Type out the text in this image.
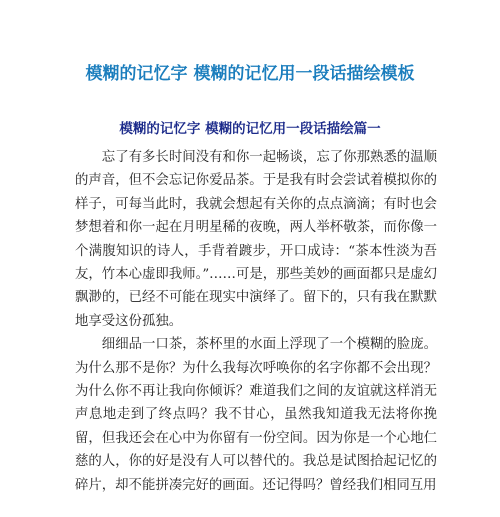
模糊的记忆字 模糊的记忆用一段话描绘模板
模糊的记忆字 模糊的记忆用一段话描绘篇一

忘了有多长时间没有和你一起畅谈，忘了你那熟悉的温顺的声音，但不会忘记你爱品茶。于是我有时会尝试着模拟你的样子，可每当此时，我就会想起有关你的点点滴滴；有时也会梦想着和你一起在月明星稀的夜晚，两人举杯敬茶，而你像一个满腹知识的诗人，手背着踱步，开口成诗：“茶本性淡为吾友，竹本心虚即我师。”……可是，那些美妙的画面都只是虚幻飘渺的，已经不可能在现实中演绎了。留下的，只有我在默默地享受这份孤独。

细细品一口茶，茶杯里的水面上浮现了一个模糊的脸庞。为什么那不是你？为什么我每次呼唤你的名字你都不会出现？为什么你不再让我向你倾诉？难道我们之间的友谊就这样消无声息地走到了终点吗？我不甘心，虽然我知道我无法将你挽留，但我还会在心中为你留有一份空间。因为你是一个心地仁慈的人，你的好是没有人可以替代的。我总是试图拾起记忆的碎片，却不能拼凑完好的画面。还记得吗？曾经我们相同互用
